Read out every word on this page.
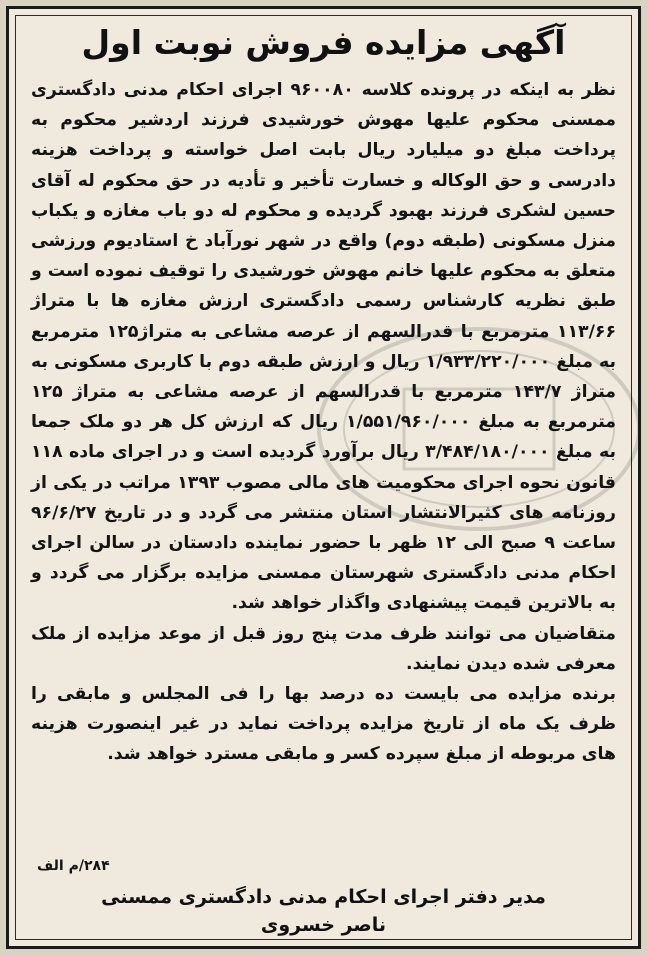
آگهی مزایده فروش نوبت اول

نظر به اینکه در پرونده کلاسه ۹۶۰۰۸۰ اجرای احکام مدنی دادگستری ممسنی محکوم علیها مهوش خورشیدی فرزند اردشیر محکوم به پرداخت مبلغ دو میلیارد ریال بابت اصل خواسته و پرداخت هزینه دادرسی و حق الوکاله و خسارت تأخیر و تأدیه در حق محکوم له آقای حسین لشکری فرزند بهبود گردیده و محکوم له دو باب مغازه و یکباب منزل مسکونی (طبقه دوم) واقع در شهر نورآباد خ استادیوم ورزشی متعلق به محکوم علیها خانم مهوش خورشیدی را توقیف نموده است و طبق نظریه کارشناس رسمی دادگستری ارزش مغازه ها با متراژ ۱۱۳/۶۶ مترمربع با قدرالسهم از عرصه مشاعی به متراژ۱۲۵ مترمربع به مبلغ ۱/۹۳۳/۲۲۰/۰۰۰ ریال و ارزش طبقه دوم با کاربری مسکونی به متراژ ۱۴۳/۷ مترمربع با قدرالسهم از عرصه مشاعی به متراژ ۱۲۵ مترمربع به مبلغ ۱/۵۵۱/۹۶۰/۰۰۰ ریال که ارزش کل هر دو ملک جمعا به مبلغ ۳/۴۸۴/۱۸۰/۰۰۰ ریال برآورد گردیده است و در اجرای ماده ۱۱۸ قانون نحوه اجرای محکومیت های مالی مصوب ۱۳۹۳ مراتب در یکی از روزنامه های کثیرالانتشار استان منتشر می گردد و در تاریخ ۹۶/۶/۲۷ ساعت ۹ صبح الی ۱۲ ظهر با حضور نماینده دادستان در سالن اجرای احکام مدنی دادگستری شهرستان ممسنی مزایده برگزار می گردد و به بالاترین قیمت پیشنهادی واگذار خواهد شد.

متقاضیان می توانند ظرف مدت پنج روز قبل از موعد مزایده از ملک معرفی شده دیدن نمایند.

برنده مزایده می بایست ده درصد بها را فی المجلس و مابقی را ظرف یک ماه از تاریخ مزایده پرداخت نماید در غیر اینصورت هزینه های مربوطه از مبلغ سپرده کسر و مابقی مسترد خواهد شد.

۲۸۴/م الف
مدیر دفتر اجرای احکام مدنی دادگستری ممسنی
ناصر خسروی
